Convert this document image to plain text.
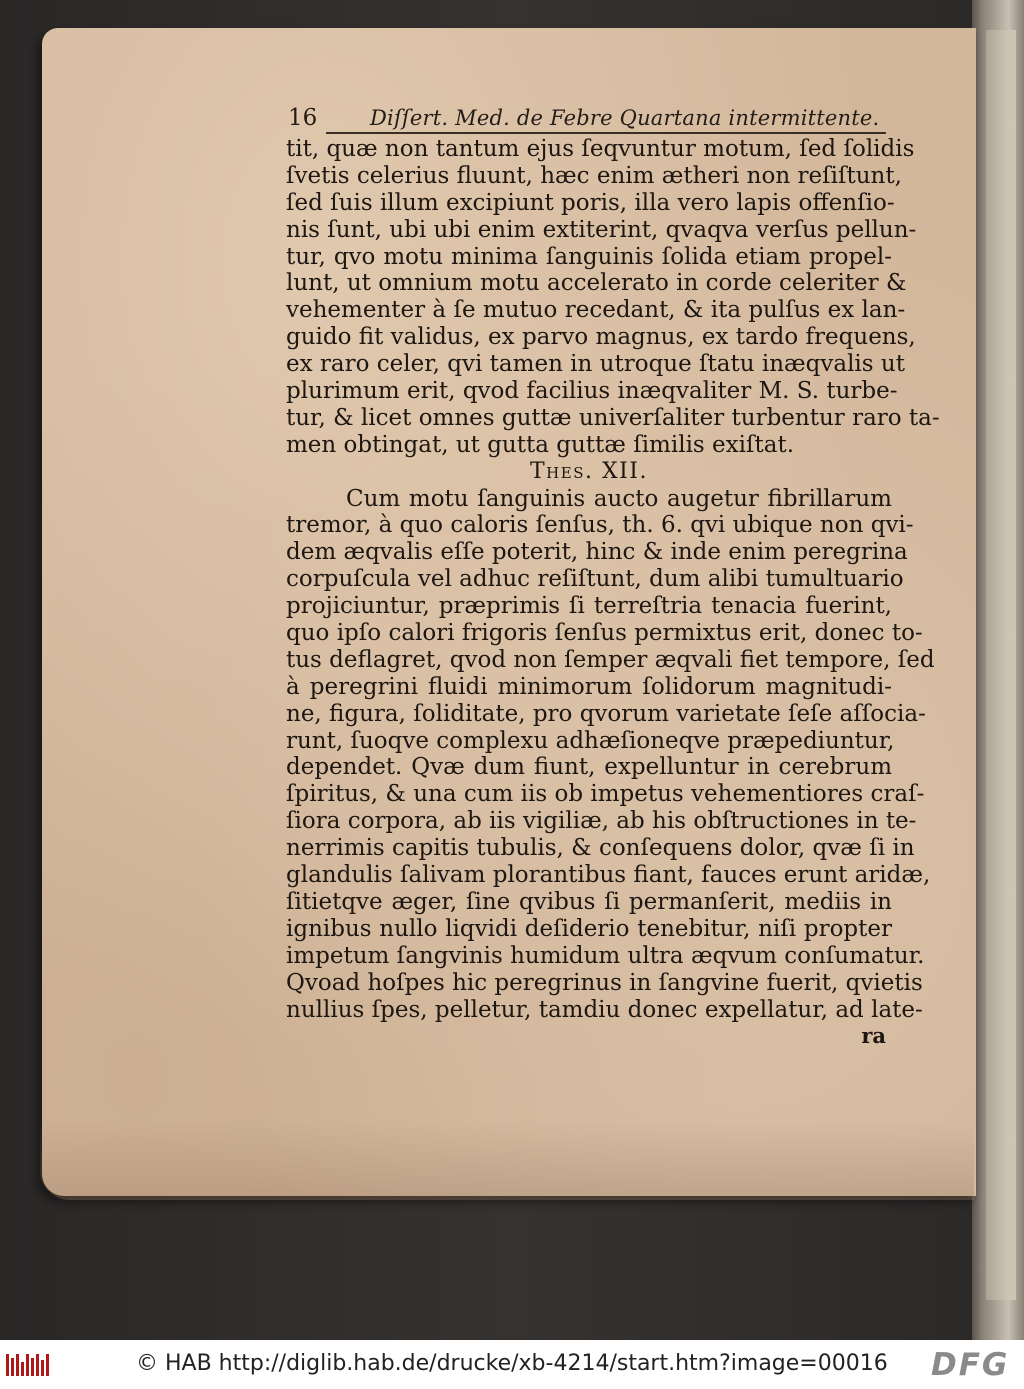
16	Diſſert. Med. de Febre Quartana intermittente.
tit, quæ non tantum ejus ſeqvuntur motum, ſed ſolidis
ſvetis celerius fluunt, hæc enim ætheri non reſiſtunt,
ſed ſuis illum excipiunt poris, illa vero lapis offenſio-
nis ſunt, ubi ubi enim extiterint, qvaqva verſus pellun-
tur, qvo motu minima ſanguinis ſolida etiam propel-
lunt, ut omnium motu accelerato in corde celeriter &
vehementer à ſe mutuo recedant, & ita pulſus ex lan-
guido fit validus, ex parvo magnus, ex tardo frequens,
ex raro celer, qvi tamen in utroque ſtatu inæqvalis ut
plurimum erit, qvod facilius inæqvaliter M. S. turbe-
tur, & licet omnes guttæ univerſaliter turbentur raro ta-
men obtingat, ut gutta guttæ ſimilis exiſtat.
Thes. XII.
Cum motu ſanguinis aucto augetur fibrillarum
tremor, à quo caloris ſenſus, th. 6. qvi ubique non qvi-
dem æqvalis eſſe poterit, hinc & inde enim peregrina
corpuſcula vel adhuc reſiſtunt, dum alibi tumultuario
projiciuntur, præprimis ſi terreſtria tenacia fuerint,
quo ipſo calori frigoris ſenſus permixtus erit, donec to-
tus deflagret, qvod non ſemper æqvali fiet tempore, ſed
à peregrini fluidi minimorum ſolidorum magnitudi-
ne, figura, ſoliditate, pro qvorum varietate ſeſe aſſocia-
runt, ſuoqve complexu adhæſioneqve præpediuntur,
dependet. Qvæ dum fiunt, expelluntur in cerebrum
ſpiritus, & una cum iis ob impetus vehementiores craſ-
ſiora corpora, ab iis vigiliæ, ab his obſtructiones in te-
nerrimis capitis tubulis, & conſequens dolor, qvæ ſi in
glandulis ſalivam plorantibus fiant, fauces erunt aridæ,
ſitietqve æger, ſine qvibus ſi permanſerit, mediis in
ignibus nullo liqvidi deſiderio tenebitur, niſi propter
impetum ſangvinis humidum ultra æqvum conſumatur.
Qvoad hoſpes hic peregrinus in ſangvine fuerit, qvietis
nullius ſpes, pelletur, tamdiu donec expellatur, ad late-
ra
© HAB http://diglib.hab.de/drucke/xb-4214/start.htm?image=00016 DFG
